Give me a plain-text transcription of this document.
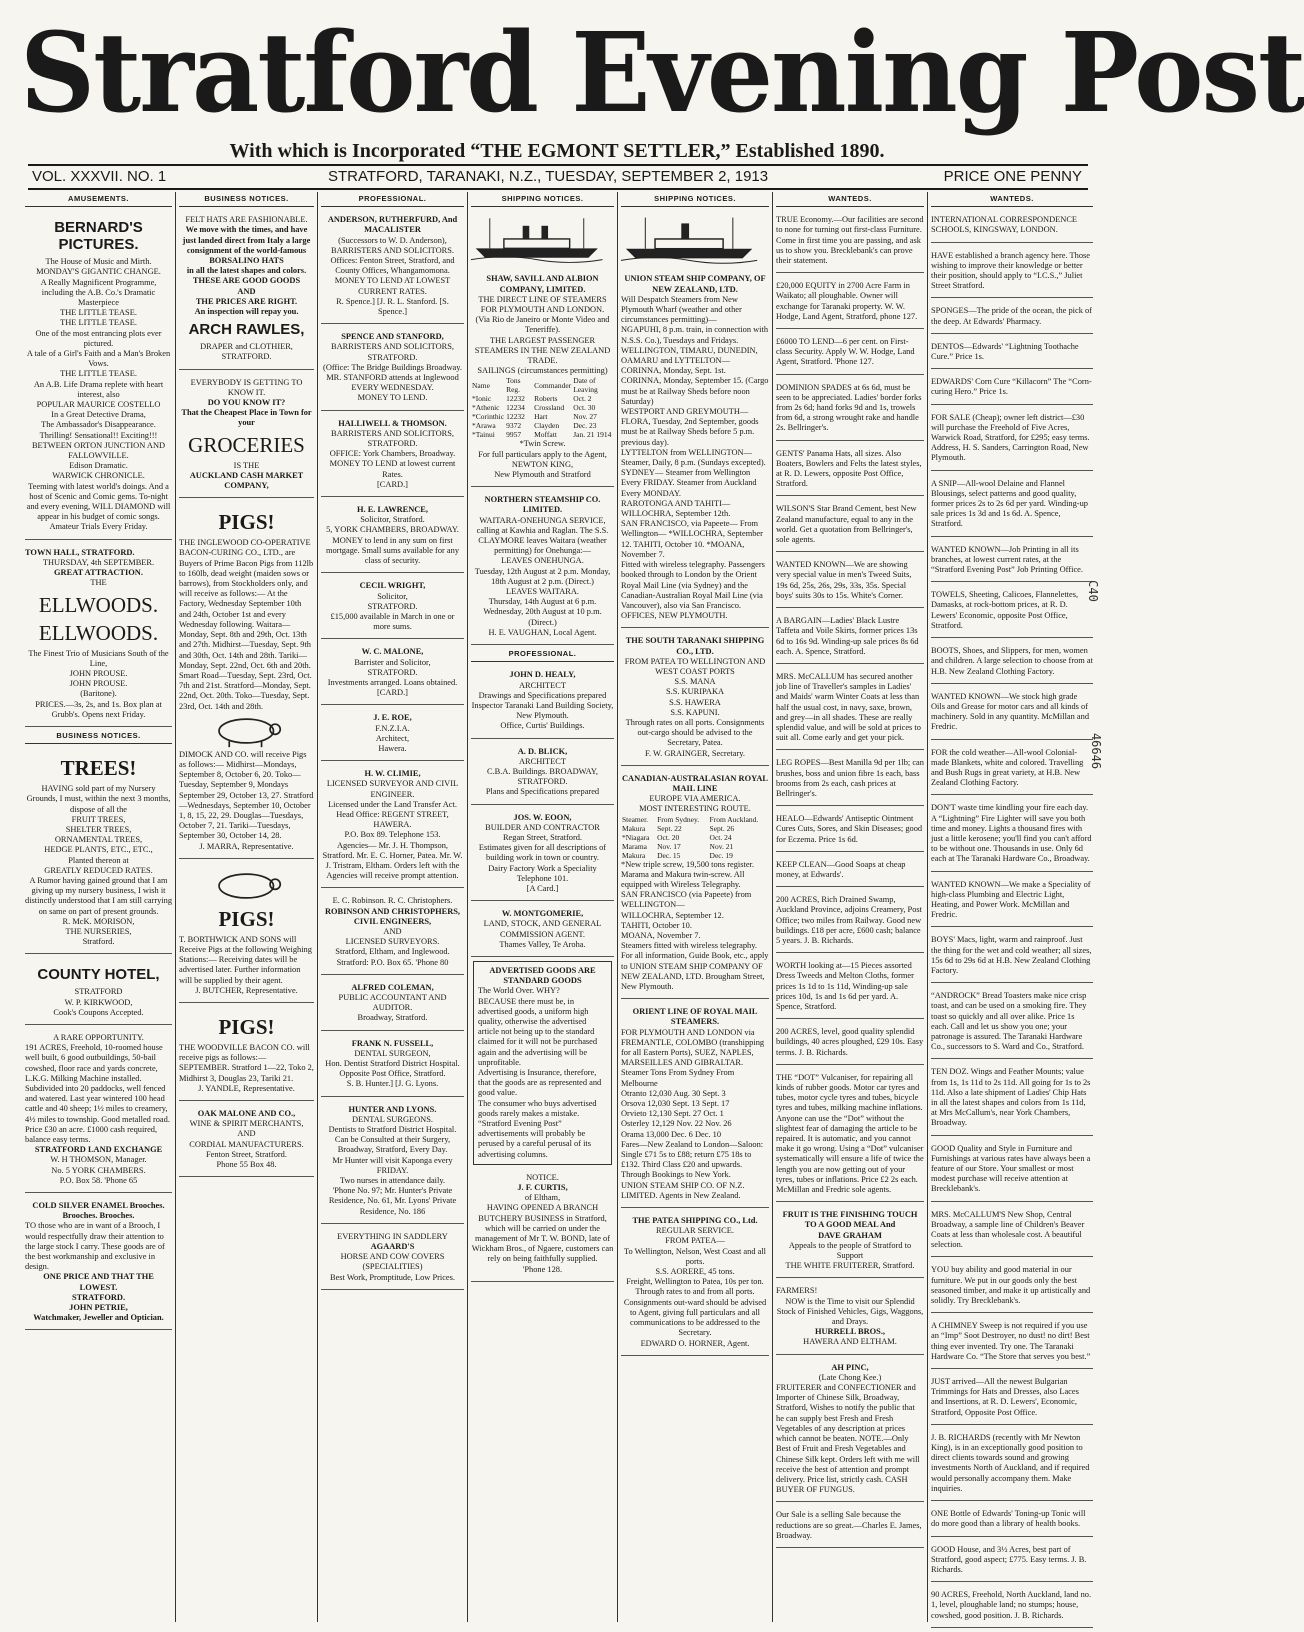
Stratford Evening Post
With which is Incorporated “THE EGMONT SETTLER,” Established 1890.
VOL. XXXVII. NO. 1	STRATFORD, TARANAKI, N.Z., TUESDAY, SEPTEMBER 2, 1913	PRICE ONE PENNY
AMUSEMENTS.
BERNARD'S PICTURES.
The House of Music and Mirth.
MONDAY'S GIGANTIC CHANGE.
A Really Magnificent Programme, including the A.B. Co.'s Dramatic Masterpiece
THE LITTLE TEASE.
THE LITTLE TEASE.
One of the most entrancing plots ever pictured.
A tale of a Girl's Faith and a Man's Broken Vows.
THE LITTLE TEASE.
An A.B. Life Drama replete with heart interest, also
POPULAR MAURICE COSTELLO
In a Great Detective Drama,
The Ambassador's Disappearance.
Thrilling! Sensational!! Exciting!!!
BETWEEN ORTON JUNCTION AND FALLOWVILLE.
Edison Dramatic.
WARWICK CHRONICLE.
Teeming with latest world's doings. And a host of Scenic and Comic gems. To-night and every evening, WILL DIAMOND will appear in his budget of comic songs.
Amateur Trials Every Friday.
TOWN HALL, STRATFORD.
THURSDAY, 4th SEPTEMBER.
GREAT ATTRACTION.
THE
ELLWOODS.
ELLWOODS.
The Finest Trio of Musicians South of the Line,
JOHN PROUSE.
JOHN PROUSE.
(Baritone).
PRICES.—3s, 2s, and 1s. Box plan at Grubb's. Opens next Friday.
BUSINESS NOTICES.
TREES!
HAVING sold part of my Nursery Grounds, I must, within the next 3 months, dispose of all the
FRUIT TREES,
SHELTER TREES,
ORNAMENTAL TREES,
HEDGE PLANTS, ETC., ETC.,
Planted thereon at
GREATLY REDUCED RATES.
A Rumor having gained ground that I am giving up my nursery business, I wish it distinctly understood that I am still carrying on same on part of present grounds.
R. McK. MORISON,
THE NURSERIES,
Stratford.
COUNTY HOTEL,
STRATFORD
W. P. KIRKWOOD,
Cook's Coupons Accepted.
A RARE OPPORTUNITY.
191 ACRES, Freehold, 10-roomed house well built, 6 good outbuildings, 50-bail cowshed, floor race and yards concrete, L.K.G. Milking Machine installed. Subdivided into 20 paddocks, well fenced and watered. Last year wintered 100 head cattle and 40 sheep; 1½ miles to creamery, 4½ miles to township. Good metalled road. Price £30 an acre. £1000 cash required, balance easy terms.
STRATFORD LAND EXCHANGE
W. H THOMSON, Manager.
No. 5 YORK CHAMBERS.
P.O. Box 58. 'Phone 65
COLD SILVER ENAMEL Brooches. Brooches. Brooches.
TO those who are in want of a Brooch, I would respectfully draw their attention to the large stock I carry. These goods are of the best workmanship and exclusive in design.
ONE PRICE AND THAT THE LOWEST.
STRATFORD.
JOHN PETRIE,
Watchmaker, Jeweller and Optician.
BUSINESS NOTICES.
FELT HATS ARE FASHIONABLE.
We move with the times, and have just landed direct from Italy a large consignment of the world-famous
BORSALINO HATS
in all the latest shapes and colors.
THESE ARE GOOD GOODS
AND
THE PRICES ARE RIGHT.
An inspection will repay you.
ARCH RAWLES,
DRAPER and CLOTHIER,
STRATFORD.
EVERYBODY IS GETTING TO KNOW IT.
DO YOU KNOW IT?
That the Cheapest Place in Town for your
GROCERIES
IS THE
AUCKLAND CASH MARKET COMPANY,
PIGS!
THE INGLEWOOD CO-OPERATIVE BACON-CURING CO., LTD., are Buyers of Prime Bacon Pigs from 112lb to 160lb, dead weight (maiden sows or barrows), from Stockholders only, and will receive as follows:— At the Factory, Wednesday September 10th and 24th, October 1st and every Wednesday following. Waitara—Monday, Sept. 8th and 29th, Oct. 13th and 27th. Midhirst—Tuesday, Sept. 9th and 30th, Oct. 14th and 28th. Tariki—Monday, Sept. 22nd, Oct. 6th and 20th. Smart Road—Tuesday, Sept. 23rd, Oct. 7th and 21st. Stratford—Monday, Sept. 22nd, Oct. 20th. Toko—Tuesday, Sept. 23rd, Oct. 14th and 28th.
DIMOCK AND CO. will receive Pigs as follows:— Midhirst—Mondays, September 8, October 6, 20. Toko—Tuesday, September 9, Mondays September 29, October 13, 27. Stratford—Wednesdays, September 10, October 1, 8, 15, 22, 29. Douglas—Tuesdays, October 7, 21. Tariki—Tuesdays, September 30, October 14, 28.
J. MARRA, Representative.
PIGS!
T. BORTHWICK AND SONS will Receive Pigs at the following Weighing Stations:— Receiving dates will be advertised later. Further information will be supplied by their agent.
J. BUTCHER, Representative.
PIGS!
THE WOODVILLE BACON CO. will receive pigs as follows:— SEPTEMBER. Stratford 1—22, Toko 2, Midhirst 3, Douglas 23, Tariki 21.
J. YANDLE, Representative.
OAK MALONE AND CO.,
WINE & SPIRIT MERCHANTS,
AND
CORDIAL MANUFACTURERS.
Fenton Street, Stratford.
Phone 55 Box 48.
PROFESSIONAL.
ANDERSON, RUTHERFURD, And MACALISTER
(Successors to W. D. Anderson),
BARRISTERS AND SOLICITORS.
Offices: Fenton Street, Stratford, and County Offices, Whangamomona.
MONEY TO LEND AT LOWEST CURRENT RATES.
R. Spence.] [J. R. L. Stanford. [S. Spence.]
SPENCE AND STANFORD,
BARRISTERS AND SOLICITORS, STRATFORD.
(Office: The Bridge Buildings Broadway.
MR. STANFORD attends at Inglewood EVERY WEDNESDAY.
MONEY TO LEND.
HALLIWELL & THOMSON.
BARRISTERS AND SOLICITORS, STRATFORD.
OFFICE: York Chambers, Broadway.
MONEY TO LEND at lowest current Rates.
[CARD.]
H. E. LAWRENCE,
Solicitor, Stratford.
5, YORK CHAMBERS, BROADWAY.
MONEY to lend in any sum on first mortgage. Small sums available for any class of security.
CECIL WRIGHT,
Solicitor,
STRATFORD.
£15,000 available in March in one or more sums.
W. C. MALONE,
Barrister and Solicitor,
STRATFORD.
Investments arranged. Loans obtained.
[CARD.]
J. E. ROE,
F.N.Z.I.A.
Architect,
Hawera.
H. W. CLIMIE,
LICENSED SURVEYOR AND CIVIL ENGINEER.
Licensed under the Land Transfer Act.
Head Office: REGENT STREET, HAWERA.
P.O. Box 89. Telephone 153.
Agencies— Mr. J. H. Thompson, Stratford. Mr. E. C. Horner, Patea. Mr. W. J. Tristram, Eltham. Orders left with the Agencies will receive prompt attention.
E. C. Robinson. R. C. Christophers.
ROBINSON AND CHRISTOPHERS, CIVIL ENGINEERS,
AND
LICENSED SURVEYORS.
Stratford, Eltham, and Inglewood. Stratford: P.O. Box 65. 'Phone 80
ALFRED COLEMAN,
PUBLIC ACCOUNTANT AND AUDITOR.
Broadway, Stratford.
FRANK N. FUSSELL,
DENTAL SURGEON,
Hon. Dentist Stratford District Hospital.
Opposite Post Office, Stratford.
S. B. Hunter.] [J. G. Lyons.
HUNTER AND LYONS.
DENTAL SURGEONS.
Dentists to Stratford District Hospital. Can be Consulted at their Surgery, Broadway, Stratford, Every Day.
Mr Hunter will visit Kaponga every FRIDAY.
Two nurses in attendance daily.
'Phone No. 97; Mr. Hunter's Private Residence, No. 61, Mr. Lyons' Private Residence, No. 186
EVERYTHING IN SADDLERY
AGAARD'S
HORSE AND COW COVERS (SPECIALITIES)
Best Work, Promptitude, Low Prices.
SHIPPING NOTICES.
SHAW, SAVILL AND ALBION COMPANY, LIMITED.
THE DIRECT LINE OF STEAMERS FOR PLYMOUTH AND LONDON.
(Via Rio de Janeiro or Monte Video and Teneriffe).
THE LARGEST PASSENGER STEAMERS IN THE NEW ZEALAND TRADE.
SAILINGS (circumstances permitting)
Name	Tons Reg.	Commander	Date of Leaving
*Ionic	12232	Roberts	Oct. 2
*Athenic	12234	Crossland	Oct. 30
*Corinthic	12232	Hart	Nov. 27
*Arawa	9372	Clayden	Dec. 23
*Tainui	9957	Moffatt	Jan. 21 1914
*Twin Screw.
For full particulars apply to the Agent,
NEWTON KING,
New Plymouth and Stratford
NORTHERN STEAMSHIP CO. LIMITED.
WAITARA-ONEHUNGA SERVICE, calling at Kawhia and Raglan. The S.S. CLAYMORE leaves Waitara (weather permitting) for Onehunga:—
LEAVES ONEHUNGA.
Tuesday, 12th August at 2 p.m. Monday, 18th August at 2 p.m. (Direct.)
LEAVES WAITARA.
Thursday, 14th August at 6 p.m. Wednesday, 20th August at 10 p.m. (Direct.)
H. E. VAUGHAN, Local Agent.
PROFESSIONAL.
JOHN D. HEALY,
ARCHITECT
Drawings and Specifications prepared
Inspector Taranaki Land Building Society, New Plymouth.
Office, Curtis' Buildings.
A. D. BLICK,
ARCHITECT
C.B.A. Buildings. BROADWAY, STRATFORD.
Plans and Specifications prepared
JOS. W. EOON,
BUILDER AND CONTRACTOR
Regan Street, Stratford.
Estimates given for all descriptions of building work in town or country.
Dairy Factory Work a Speciality
Telephone 101.
[A Card.]
W. MONTGOMERIE,
LAND, STOCK, AND GENERAL COMMISSION AGENT.
Thames Valley, Te Aroha.
ADVERTISED GOODS ARE STANDARD GOODS
The World Over. WHY?
BECAUSE there must be, in advertised goods, a uniform high quality, otherwise the advertised article not being up to the standard claimed for it will not be purchased again and the advertising will be unprofitable.
Advertising is Insurance, therefore, that the goods are as represented and good value.
The consumer who buys advertised goods rarely makes a mistake. “Stratford Evening Post” advertisements will probably be perused by a careful perusal of its advertising columns.
NOTICE.
J. F. CURTIS,
of Eltham,
HAVING OPENED A BRANCH BUTCHERY BUSINESS in Stratford, which will be carried on under the management of Mr T. W. BOND, late of Wickham Bros., of Ngaere, customers can rely on being faithfully supplied.
'Phone 128.
SHIPPING NOTICES.
UNION STEAM SHIP COMPANY, OF NEW ZEALAND, LTD.
Will Despatch Steamers from New Plymouth Wharf (weather and other circumstances permitting)—
NGAPUHI, 8 p.m. train, in connection with N.S.S. Co.), Tuesdays and Fridays.
WELLINGTON, TIMARU, DUNEDIN, OAMARU and LYTTELTON—
CORINNA, Monday, Sept. 1st.
CORINNA, Monday, September 15. (Cargo must be at Railway Sheds before noon Saturday)
WESTPORT AND GREYMOUTH— FLORA, Tuesday, 2nd September, goods must be at Railway Sheds before 5 p.m. previous day).
LYTTELTON from WELLINGTON— Steamer, Daily, 8 p.m. (Sundays excepted).
SYDNEY— Steamer from Wellington Every FRIDAY. Steamer from Auckland Every MONDAY.
RAROTONGA AND TAHITI— WILLOCHRA, September 12th.
SAN FRANCISCO, via Papeete— From Wellington— *WILLOCHRA, September 12. TAHITI, October 10. *MOANA, November 7.
Fitted with wireless telegraphy. Passengers booked through to London by the Orient Royal Mail Line (via Sydney) and the Canadian-Australian Royal Mail Line (via Vancouver), also via San Francisco.
OFFICES, NEW PLYMOUTH.
THE SOUTH TARANAKI SHIPPING CO., LTD.
FROM PATEA TO WELLINGTON AND WEST COAST PORTS
S.S. MANA
S.S. KURIPAKA
S.S. HAWERA
S.S. KAPUNI.
Through rates on all ports. Consignments out-cargo should be advised to the Secretary, Patea.
F. W. GRAINGER, Secretary.
CANADIAN-AUSTRALASIAN ROYAL MAIL LINE
EUROPE VIA AMERICA.
MOST INTERESTING ROUTE.
Steamer.	From Sydney.	From Auckland.
Makura	Sept. 22	Sept. 26
*Niagara	Oct. 20	Oct. 24
Marama	Nov. 17	Nov. 21
Makura	Dec. 15	Dec. 19
*New triple screw, 19,500 tons register.
Marama and Makura twin-screw. All equipped with Wireless Telegraphy.
SAN FRANCISCO (via Papeete) from WELLINGTON—
WILLOCHRA, September 12.
TAHITI, October 10.
MOANA, November 7.
Steamers fitted with wireless telegraphy.
For all information, Guide Book, etc., apply to UNION STEAM SHIP COMPANY OF NEW ZEALAND, LTD. Brougham Street, New Plymouth.
ORIENT LINE OF ROYAL MAIL STEAMERS.
FOR PLYMOUTH AND LONDON via FREMANTLE, COLOMBO (transhipping for all Eastern Ports), SUEZ, NAPLES, MARSEILLES AND GIBRALTAR.
Steamer Tons From Sydney From Melbourne
Otranto 12,030 Aug. 30 Sept. 3
Orsova 12,030 Sept. 13 Sept. 17
Orvieto 12,130 Sept. 27 Oct. 1
Osterley 12,129 Nov. 22 Nov. 26
Orama 13,000 Dec. 6 Dec. 10
Fares—New Zealand to London—Saloon: Single £71 5s to £88; return £75 18s to £132. Third Class £20 and upwards.
Through Bookings to New York.
UNION STEAM SHIP CO. OF N.Z. LIMITED. Agents in New Zealand.
THE PATEA SHIPPING CO., Ltd.
REGULAR SERVICE.
FROM PATEA—
To Wellington, Nelson, West Coast and all ports.
S.S. AORERE, 45 tons.
Freight, Wellington to Patea, 10s per ton.
Through rates to and from all ports. Consignments out-ward should be advised to Agent, giving full particulars and all communications to be addressed to the Secretary.
EDWARD O. HORNER, Agent.
WANTEDS.
TRUE Economy.—Our facilities are second to none for turning out first-class Furniture. Come in first time you are passing, and ask us to show you. Brecklebank's can prove their statement.
£20,000 EQUITY in 2700 Acre Farm in Waikato; all ploughable. Owner will exchange for Taranaki property. W. W. Hodge, Land Agent, Stratford, phone 127.
£6000 TO LEND—6 per cent. on First-class Security. Apply W. W. Hodge, Land Agent, Stratford. 'Phone 127.
DOMINION SPADES at 6s 6d, must be seen to be appreciated. Ladies' border forks from 2s 6d; hand forks 9d and 1s, trowels from 6d, a strong wrought rake and handle 2s. Bellringer's.
GENTS' Panama Hats, all sizes. Also Boaters, Bowlers and Felts the latest styles, at R. D. Lewers, opposite Post Office, Stratford.
WILSON'S Star Brand Cement, best New Zealand manufacture, equal to any in the world. Get a quotation from Bellringer's, sole agents.
WANTED KNOWN—We are showing very special value in men's Tweed Suits, 19s 6d, 25s, 26s, 29s, 33s, 35s. Special boys' suits 30s to 15s. White's Corner.
A BARGAIN—Ladies' Black Lustre Taffeta and Voile Skirts, former prices 13s 6d to 16s 9d. Winding-up sale prices 8s 6d each. A. Spence, Stratford.
MRS. McCALLUM has secured another job line of Traveller's samples in Ladies' and Maids' warm Winter Coats at less than half the usual cost, in navy, saxe, brown, and grey—in all shades. These are really splendid value, and will be sold at prices to suit all. Come early and get your pick.
LEG ROPES—Best Manilla 9d per 1lb; can brushes, boss and union fibre 1s each, bass brooms from 2s each, cash prices at Bellringer's.
HEALO—Edwards' Antiseptic Ointment Cures Cuts, Sores, and Skin Diseases; good for Eczema. Price 1s 6d.
KEEP CLEAN—Good Soaps at cheap money, at Edwards'.
200 ACRES, Rich Drained Swamp, Auckland Province, adjoins Creamery, Post Office; two miles from Railway. Good new buildings. £18 per acre, £600 cash; balance 5 years. J. B. Richards.
WORTH looking at—15 Pieces assorted Dress Tweeds and Melton Cloths, former prices 1s 1d to 1s 11d, Winding-up sale prices 10d, 1s and 1s 6d per yard. A. Spence, Stratford.
200 ACRES, level, good quality splendid buildings, 40 acres ploughed, £29 10s. Easy terms. J. B. Richards.
THE “DOT” Vulcaniser, for repairing all kinds of rubber goods. Motor car tyres and tubes, motor cycle tyres and tubes, bicycle tyres and tubes, milking machine inflations. Anyone can use the “Dot” without the slightest fear of damaging the article to be repaired. It is automatic, and you cannot make it go wrong. Using a “Dot” vulcaniser systematically will ensure a life of twice the length you are now getting out of your tyres, tubes or inflations. Price £2 2s each. McMillan and Fredric sole agents.
FRUIT IS THE FINISHING TOUCH TO A GOOD MEAL And
DAVE GRAHAM
Appeals to the people of Stratford to Support
THE WHITE FRUITERER, Stratford.
FARMERS!
NOW is the Time to visit our Splendid Stock of Finished Vehicles, Gigs, Waggons, and Drays.
HURRELL BROS.,
HAWERA AND ELTHAM.
AH PINC,
(Late Chong Kee.)
FRUITERER and CONFECTIONER and Importer of Chinese Silk, Broadway, Stratford, Wishes to notify the public that he can supply best Fresh and Fresh Vegetables of any description at prices which cannot be beaten. NOTE.—Only Best of Fruit and Fresh Vegetables and Chinese Silk kept. Orders left with me will receive the best of attention and prompt delivery. Price list, strictly cash. CASH BUYER OF FUNGUS.
Our Sale is a selling Sale because the reductions are so great.—Charles E. James, Broadway.
WANTEDS.
INTERNATIONAL CORRESPONDENCE SCHOOLS, KINGSWAY, LONDON.
HAVE established a branch agency here. Those wishing to improve their knowledge or better their position, should apply to “I.C.S.,” Juliet Street Stratford.
SPONGES—The pride of the ocean, the pick of the deep. At Edwards' Pharmacy.
DENTOS—Edwards' “Lightning Toothache Cure.” Price 1s.
EDWARDS' Corn Cure “Killacorn” The “Corn-curing Hero.” Price 1s.
FOR SALE (Cheap); owner left district—£30 will purchase the Freehold of Five Acres, Warwick Road, Stratford, for £295; easy terms. Address, H. S. Sanders, Carrington Road, New Plymouth.
A SNIP—All-wool Delaine and Flannel Blousings, select patterns and good quality, former prices 2s to 2s 6d per yard. Winding-up sale prices 1s 3d and 1s 6d. A. Spence, Stratford.
WANTED KNOWN—Job Printing in all its branches, at lowest current rates, at the “Stratford Evening Post” Job Printing Office.
TOWELS, Sheeting, Calicoes, Flannelettes, Damasks, at rock-bottom prices, at R. D. Lewers' Economic, opposite Post Office, Stratford.
BOOTS, Shoes, and Slippers, for men, women and children. A large selection to choose from at H.B. New Zealand Clothing Factory.
WANTED KNOWN—We stock high grade Oils and Grease for motor cars and all kinds of machinery. Sold in any quantity. McMillan and Fredric.
FOR the cold weather—All-wool Colonial-made Blankets, white and colored. Travelling and Bush Rugs in great variety, at H.B. New Zealand Clothing Factory.
DON'T waste time kindling your fire each day. A “Lightning” Fire Lighter will save you both time and money. Lights a thousand fires with just a little kerosene; you'll find you can't afford to be without one. Thousands in use. Only 6d each at The Taranaki Hardware Co., Broadway.
WANTED KNOWN—We make a Speciality of high-class Plumbing and Electric Light, Heating, and Power Work. McMillan and Fredric.
BOYS' Macs, light, warm and rainproof. Just the thing for the wet and cold weather; all sizes, 15s 6d to 29s 6d at H.B. New Zealand Clothing Factory.
“ANDROCK” Bread Toasters make nice crisp toast, and can be used on a smoking fire. They toast so quickly and all over alike. Price 1s each. Call and let us show you one; your patronage is assured. The Taranaki Hardware Co., successors to S. Ward and Co., Stratford.
TEN DOZ. Wings and Feather Mounts; value from 1s, 1s 11d to 2s 11d. All going for 1s to 2s 11d. Also a late shipment of Ladies' Chip Hats in all the latest shapes and colors from 1s 11d, at Mrs McCallum's, near York Chambers, Broadway.
GOOD Quality and Style in Furniture and Furnishings at various rates have always been a feature of our Store. Your smallest or most modest purchase will receive attention at Brecklebank's.
MRS. McCALLUM'S New Shop, Central Broadway, a sample line of Children's Beaver Coats at less than wholesale cost. A beautiful selection.
YOU buy ability and good material in our furniture. We put in our goods only the best seasoned timber, and make it up artistically and solidly. Try Brecklebank's.
A CHIMNEY Sweep is not required if you use an “Imp” Soot Destroyer, no dust! no dirt! Best thing ever invented. Try one. The Taranaki Hardware Co. “The Store that serves you best.”
JUST arrived—All the newest Bulgarian Trimmings for Hats and Dresses, also Laces and Insertions, at R. D. Lewers', Economic, Stratford, Opposite Post Office.
J. B. RICHARDS (recently with Mr Newton King), is in an exceptionally good position to direct clients towards sound and growing investments North of Auckland, and if required would personally accompany them. Make inquiries.
ONE Bottle of Edwards' Toning-up Tonic will do more good than a library of health books.
GOOD House, and 3½ Acres, best part of Stratford, good aspect; £775. Easy terms. J. B. Richards.
90 ACRES, Freehold, North Auckland, land no. 1, level, ploughable land; no stumps; house, cowshed, good position. J. B. Richards.
C40
46646
